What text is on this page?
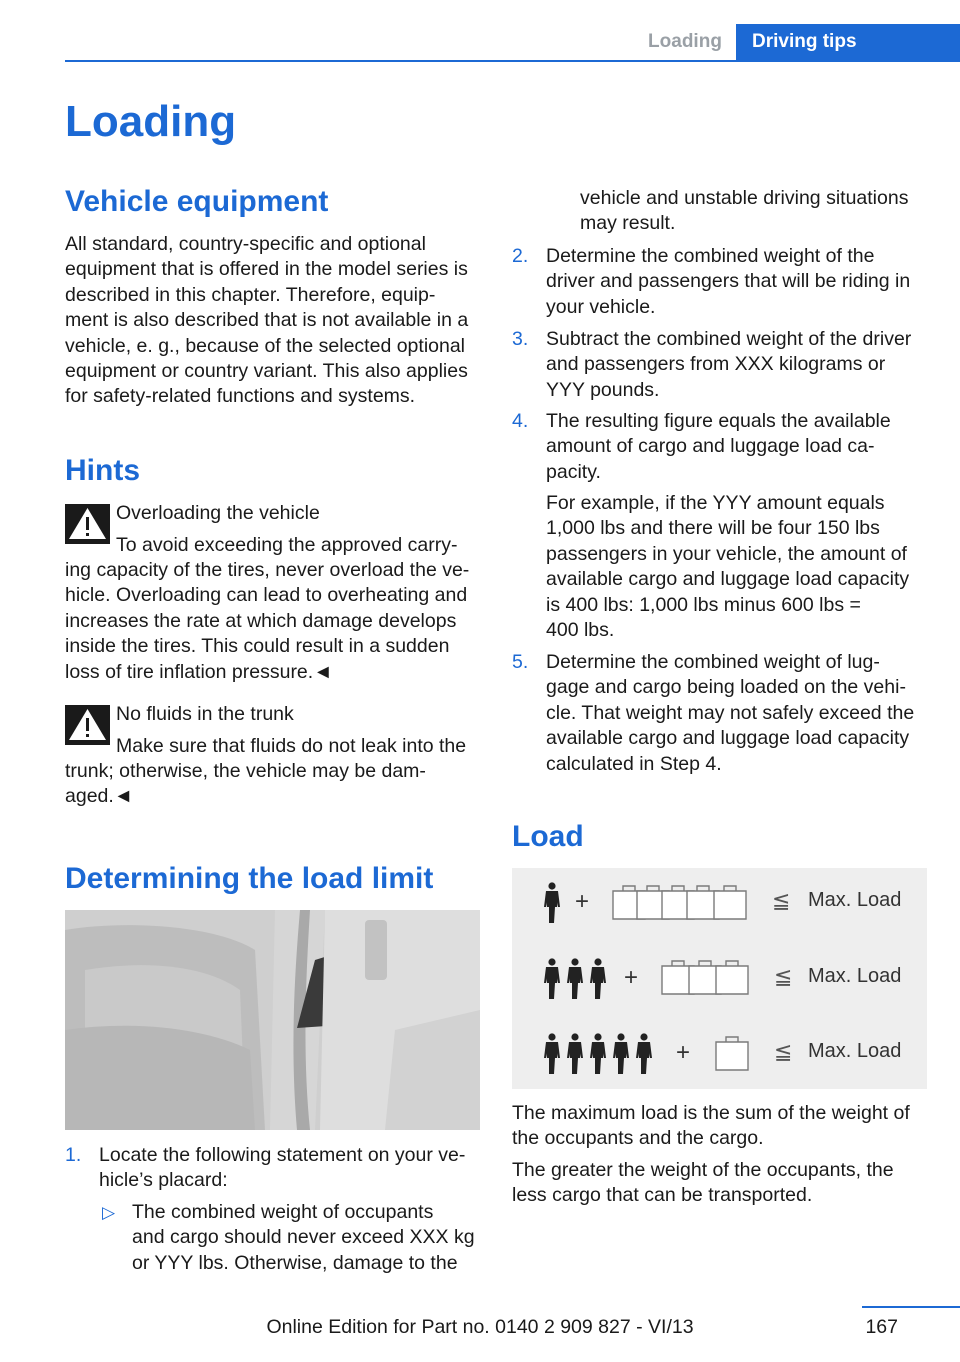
Loading	Driving tips
Loading
Vehicle equipment
All standard, country-specific and optional
equipment that is offered in the model series is
described in this chapter. Therefore, equip-
ment is also described that is not available in a
vehicle, e. g., because of the selected optional
equipment or country variant. This also applies
for safety-related functions and systems.
Hints
Overloading the vehicle
To avoid exceeding the approved carry-
ing capacity of the tires, never overload the ve-
hicle. Overloading can lead to overheating and
increases the rate at which damage develops
inside the tires. This could result in a sudden
loss of tire inflation pressure.◄
No fluids in the trunk
Make sure that fluids do not leak into the
trunk; otherwise, the vehicle may be dam-
aged.◄
Determining the load limit
1. Locate the following statement on your ve-
hicle’s placard:
▷ The combined weight of occupants
and cargo should never exceed XXX kg
or YYY lbs. Otherwise, damage to the
vehicle and unstable driving situations
may result.
2. Determine the combined weight of the
driver and passengers that will be riding in
your vehicle.
3. Subtract the combined weight of the driver
and passengers from XXX kilograms or
YYY pounds.
4. The resulting figure equals the available
amount of cargo and luggage load ca-
pacity.
For example, if the YYY amount equals
1,000 lbs and there will be four 150 lbs
passengers in your vehicle, the amount of
available cargo and luggage load capacity
is 400 lbs: 1,000 lbs minus 600 lbs =
400 lbs.
5. Determine the combined weight of lug-
gage and cargo being loaded on the vehi-
cle. That weight may not safely exceed the
available cargo and luggage load capacity
calculated in Step 4.
Load
+	≦ Max. Load
+	≦ Max. Load
+	≦ Max. Load
The maximum load is the sum of the weight of
the occupants and the cargo.
The greater the weight of the occupants, the
less cargo that can be transported.
167
Online Edition for Part no. 0140 2 909 827 - VI/13
